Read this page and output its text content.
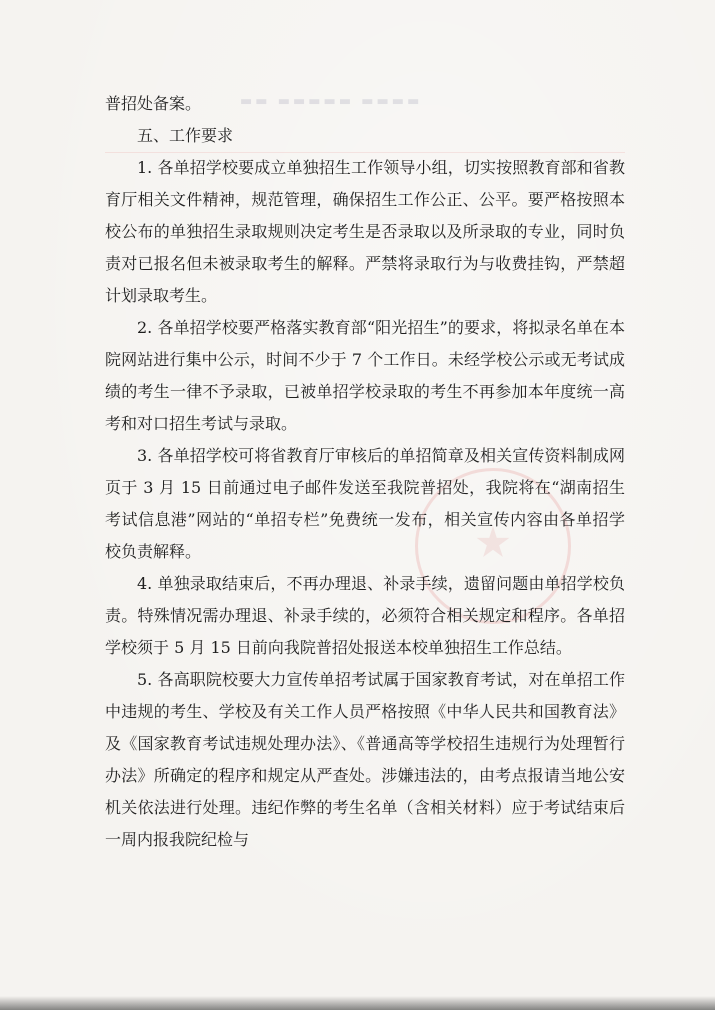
▬▬ ▬▬▬▬▬ ▬▬▬▬

普招处备案。

五、工作要求

1. 各单招学校要成立单独招生工作领导小组，切实按照教育部和省教育厅相关文件精神，规范管理，确保招生工作公正、公平。要严格按照本校公布的单独招生录取规则决定考生是否录取以及所录取的专业，同时负责对已报名但未被录取考生的解释。严禁将录取行为与收费挂钩，严禁超计划录取考生。

2. 各单招学校要严格落实教育部“阳光招生”的要求，将拟录名单在本院网站进行集中公示，时间不少于 7 个工作日。未经学校公示或无考试成绩的考生一律不予录取，已被单招学校录取的考生不再参加本年度统一高考和对口招生考试与录取。

3. 各单招学校可将省教育厅审核后的单招简章及相关宣传资料制成网页于 3 月 15 日前通过电子邮件发送至我院普招处，我院将在“湖南招生考试信息港”网站的“单招专栏”免费统一发布，相关宣传内容由各单招学校负责解释。

4. 单独录取结束后，不再办理退、补录手续，遗留问题由单招学校负责。特殊情况需办理退、补录手续的，必须符合相关规定和程序。各单招学校须于 5 月 15 日前向我院普招处报送本校单独招生工作总结。

5. 各高职院校要大力宣传单招考试属于国家教育考试，对在单招工作中违规的考生、学校及有关工作人员严格按照《中华人民共和国教育法》及《国家教育考试违规处理办法》、《普通高等学校招生违规行为处理暂行办法》所确定的程序和规定从严查处。涉嫌违法的，由考点报请当地公安机关依法进行处理。违纪作弊的考生名单（含相关材料）应于考试结束后一周内报我院纪检与
